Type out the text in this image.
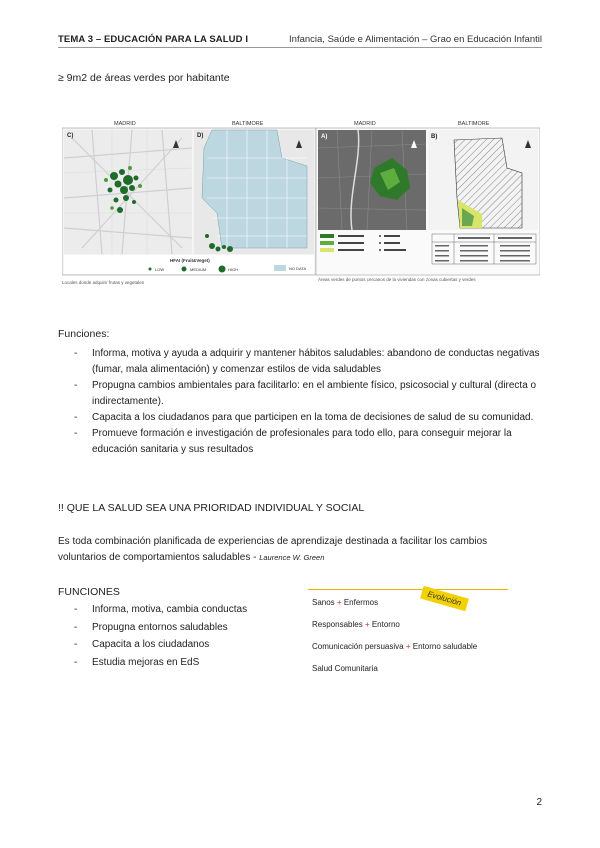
TEMA 3 – EDUCACIÓN PARA LA SALUD I	Infancia, Saúde e Alimentación – Grao en Educación Infantil
≥ 9m2 de áreas verdes por habitante
MADRID	BALTIMORE
C)	D)
HFAI (Fruit&Veget)
LOW	MEDIUM	HIGH	NO DATA
MADRID	BALTIMORE
A)	B)
Locales donde adquirir frutas y vegetales
Áreas verdes de puntos cercanos de la viviendas con zonas cubiertas y verdes
Funciones:
- Informa, motiva y ayuda a adquirir y mantener hábitos saludables: abandono de conductas negativas (fumar, mala alimentación) y comenzar estilos de vida saludables
- Propugna cambios ambientales para facilitarlo: en el ambiente físico, psicosocial y cultural (directa o indirectamente).
- Capacita a los ciudadanos para que participen en la toma de decisiones de salud de su comunidad.
- Promueve formación e investigación de profesionales para todo ello, para conseguir mejorar la educación sanitaria y sus resultados
!! QUE LA SALUD SEA UNA PRIORIDAD INDIVIDUAL Y SOCIAL
Es toda combinación planificada de experiencias de aprendizaje destinada a facilitar los cambios voluntarios de comportamientos saludables - Laurence W. Green
FUNCIONES
- Informa, motiva, cambia conductas
- Propugna entornos saludables
- Capacita a los ciudadanos
- Estudia mejoras en EdS
Evolución
Sanos + Enfermos
Responsables + Entorno
Comunicación persuasiva + Entorno saludable
Salud Comunitaria
2
